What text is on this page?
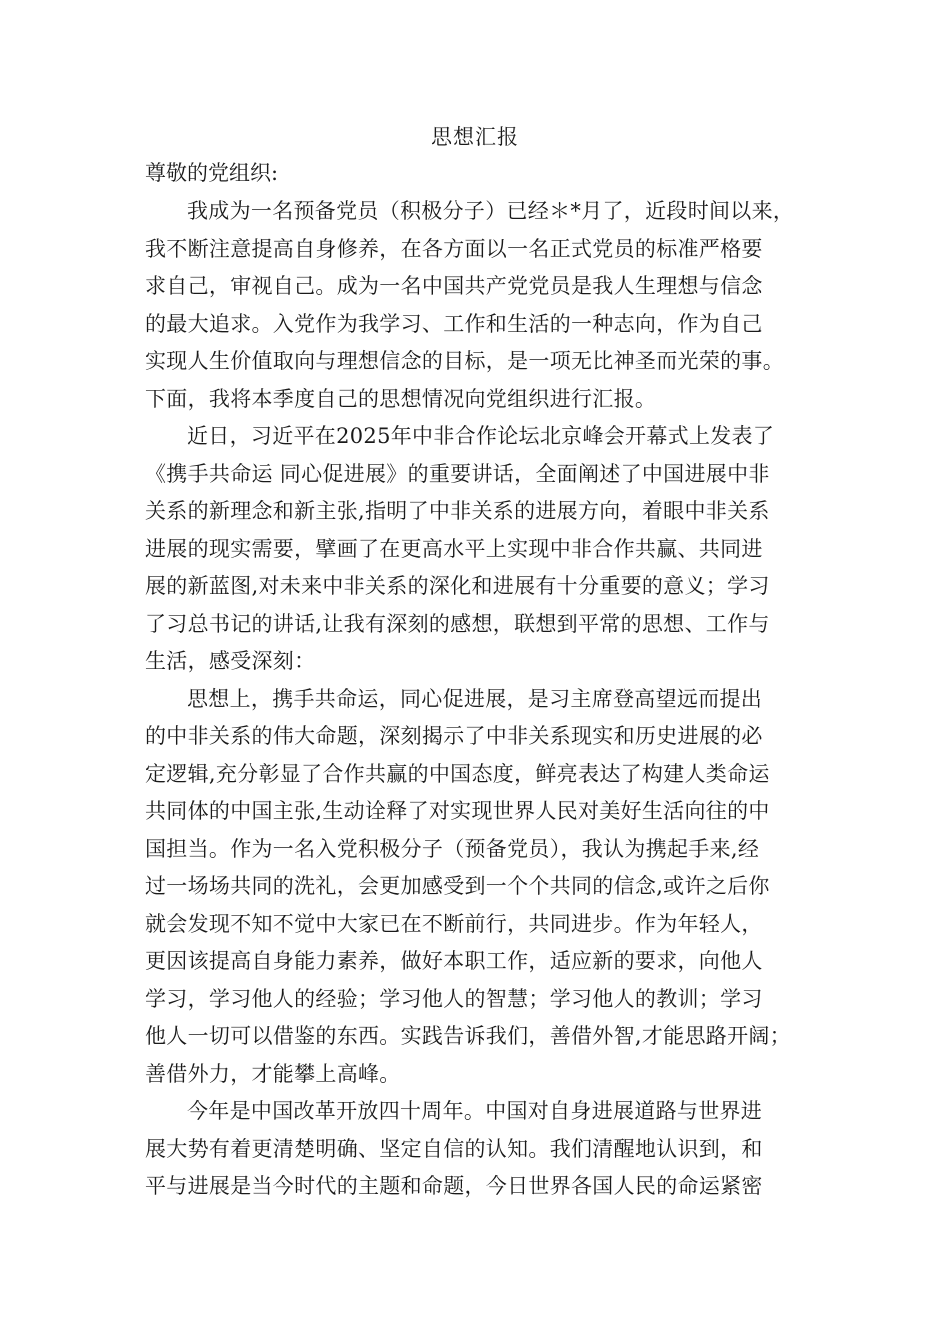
思想汇报
尊敬的党组织:
我成为一名预备党员（积极分子）已经＊*月了，近段时间以来，
我不断注意提高自身修养，在各方面以一名正式党员的标准严格要
求自己，审视自己。成为一名中国共产党党员是我人生理想与信念
的最大追求。入党作为我学习、工作和生活的一种志向，作为自己
实现人生价值取向与理想信念的目标，是一项无比神圣而光荣的事。
下面，我将本季度自己的思想情况向党组织进行汇报。
近日，习近平在2025年中非合作论坛北京峰会开幕式上发表了
《携手共命运 同心促进展》的重要讲话，全面阐述了中国进展中非
关系的新理念和新主张,指明了中非关系的进展方向，着眼中非关系
进展的现实需要，擘画了在更高水平上实现中非合作共赢、共同进
展的新蓝图,对未来中非关系的深化和进展有十分重要的意义；学习
了习总书记的讲话,让我有深刻的感想，联想到平常的思想、工作与
生活，感受深刻：
思想上，携手共命运，同心促进展，是习主席登高望远而提出
的中非关系的伟大命题，深刻揭示了中非关系现实和历史进展的必
定逻辑,充分彰显了合作共赢的中国态度，鲜亮表达了构建人类命运
共同体的中国主张,生动诠释了对实现世界人民对美好生活向往的中
国担当。作为一名入党积极分子（预备党员），我认为携起手来,经
过一场场共同的洗礼，会更加感受到一个个共同的信念,或许之后你
就会发现不知不觉中大家已在不断前行，共同进步。作为年轻人，
更因该提高自身能力素养，做好本职工作，适应新的要求，向他人
学习，学习他人的经验；学习他人的智慧；学习他人的教训；学习
他人一切可以借鉴的东西。实践告诉我们，善借外智,才能思路开阔；
善借外力，才能攀上高峰。
今年是中国改革开放四十周年。中国对自身进展道路与世界进
展大势有着更清楚明确、坚定自信的认知。我们清醒地认识到，和
平与进展是当今时代的主题和命题，今日世界各国人民的命运紧密
